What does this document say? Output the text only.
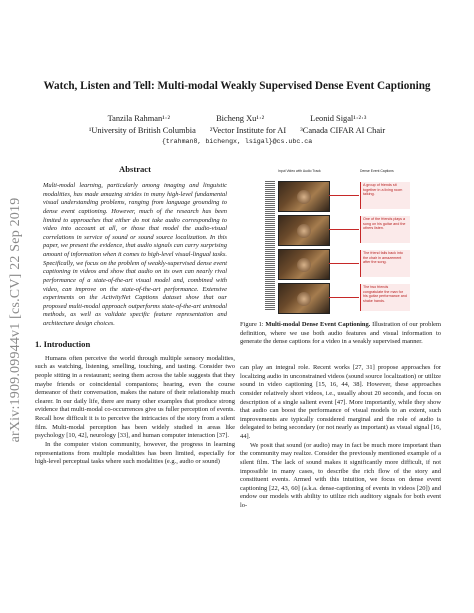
arXiv:1909.09944v1 [cs.CV] 22 Sep 2019
Watch, Listen and Tell: Multi-modal Weakly Supervised Dense Event Captioning
Tanzila Rahman¹·²	Bicheng Xu¹·²	Leonid Sigal¹·²·³
¹University of British Columbia ²Vector Institute for AI ³Canada CIFAR AI Chair
{trahman8, bichengx, lsigal}@cs.ubc.ca
Abstract

Multi-modal learning, particularly among imaging and linguistic modalities, has made amazing strides in many high-level fundamental visual understanding problems, ranging from language grounding to dense event captioning. However, much of the research has been limited to approaches that either do not take audio corresponding to video into account at all, or those that model the audio-visual correlations in service of sound or sound source localization. In this paper, we present the evidence, that audio signals can carry surprising amount of information when it comes to high-level visual-lingual tasks. Specifically, we focus on the problem of weakly-supervised dense event captioning in videos and show that audio on its own can nearly rival performance of a state-of-the-art visual model and, combined with video, can improve on the state-of-the-art performance. Extensive experiments on the ActivityNet Captions dataset show that our proposed multi-modal approach outperforms state-of-the-art unimodal methods, as well as validate specific feature representation and architecture design choices.

1. Introduction

Humans often perceive the world through multiple sensory modalities, such as watching, listening, smelling, touching, and tasting. Consider two people sitting in a restaurant; seeing them across the table suggests that they maybe friends or coincidental companions; hearing, even the course demeanor of their conversation, makes the nature of their relationship much clearer. In our daily life, there are many other examples that produce strong evidence that multi-modal co-occurrences give us fuller perception of events. Recall how difficult it is to perceive the intricacies of the story from a silent film. Multi-modal perception has been widely studied in areas like psychology [10, 42], neurology [33], and human computer interaction [37].

In the computer vision community, however, the progress in learning representations from multiple modalities has been limited, especially for high-level perceptual tasks where such modalities (e.g., audio or sound)

Input Video with Audio Track	Dense Event Captions
A group of friends sit together in a living room talking.
One of the friends plays a song on his guitar and the others listen.
The friend falls back into the chair in amazement after the song.
The two friends congratulate the man for his guitar performance and shake hands.

Figure 1: Multi-modal Dense Event Captioning. Illustration of our problem definition, where we use both audio features and visual information to generate the dense captions for a video in a weakly supervised manner.

can play an integral role. Recent works [27, 31] propose approaches for localizing audio in unconstrained videos (sound source localization) or utilize sound in video captioning [15, 16, 44, 38]. However, these approaches consider relatively short videos, i.e., usually about 20 seconds, and focus on description of a single salient event [47]. More importantly, while they show that audio can boost the performance of visual models to an extent, such improvements are typically considered marginal and the role of audio is delegated to being secondary (or not nearly as important) as visual signal [16, 44].

We posit that sound (or audio) may in fact be much more important than the community may realize. Consider the previously mentioned example of a silent film. The lack of sound makes it significantly more difficult, if not impossible in many cases, to describe the rich flow of the story and constituent events. Armed with this intuition, we focus on dense event captioning [22, 43, 60] (a.k.a. dense-captioning of events in videos [20]) and endow our models with ability to utilize rich auditory signals for both event lo-
